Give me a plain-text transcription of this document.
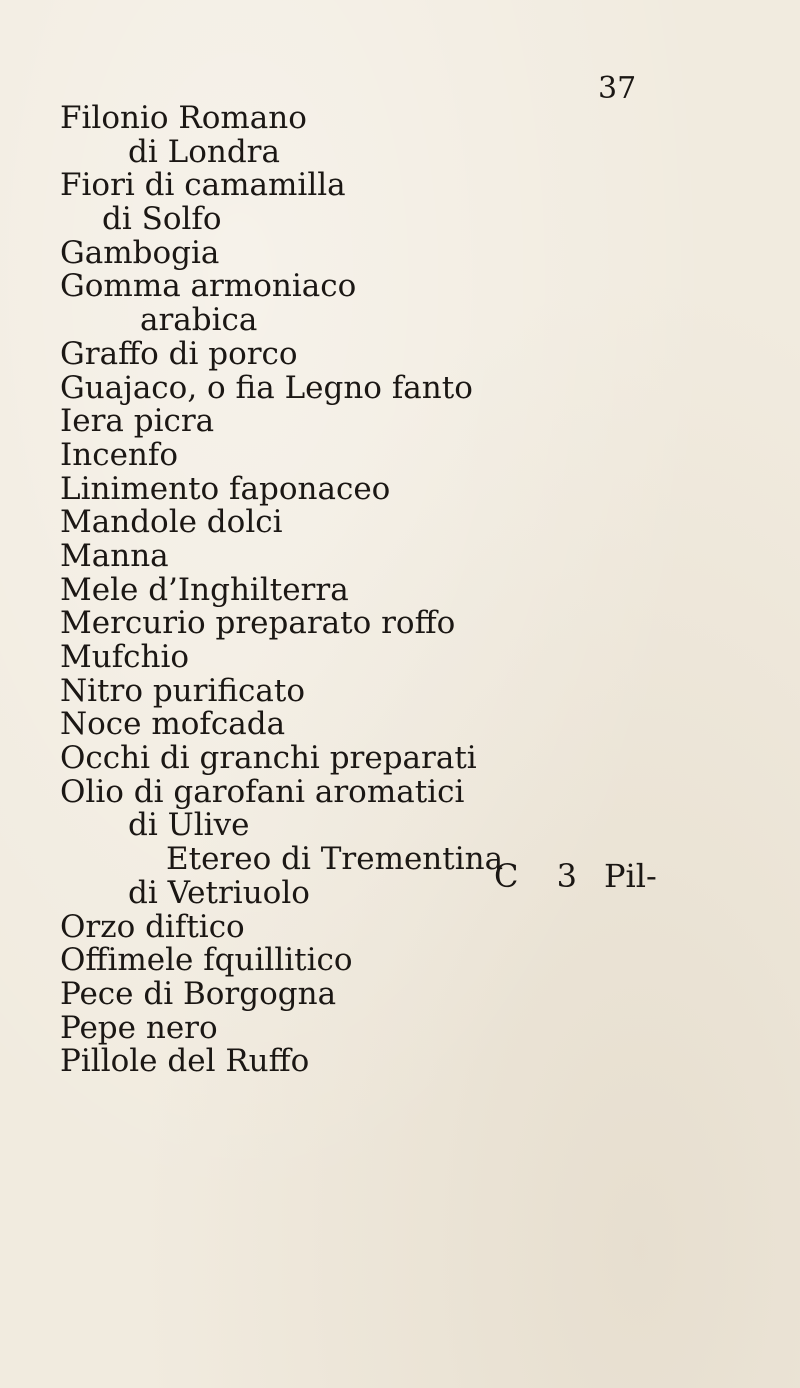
37
Filonio Romano
di Londra
Fiori di camamilla
di Solfo
Gambogia
Gomma armoniaco
arabica
Graffo di porco
Guajaco, o fia Legno fanto
Iera picra
Incenfo
Linimento faponaceo
Mandole dolci
Manna
Mele d’Inghilterra
Mercurio preparato roffo
Mufchio
Nitro purificato
Noce mofcada
Occhi di granchi preparati
Olio di garofani aromatici
di Ulive
Etereo di Trementina
di Vetriuolo
Orzo diftico
Offimele fquillitico
Pece di Borgogna
Pepe nero
Pillole del Ruffo
C 3 Pil-
